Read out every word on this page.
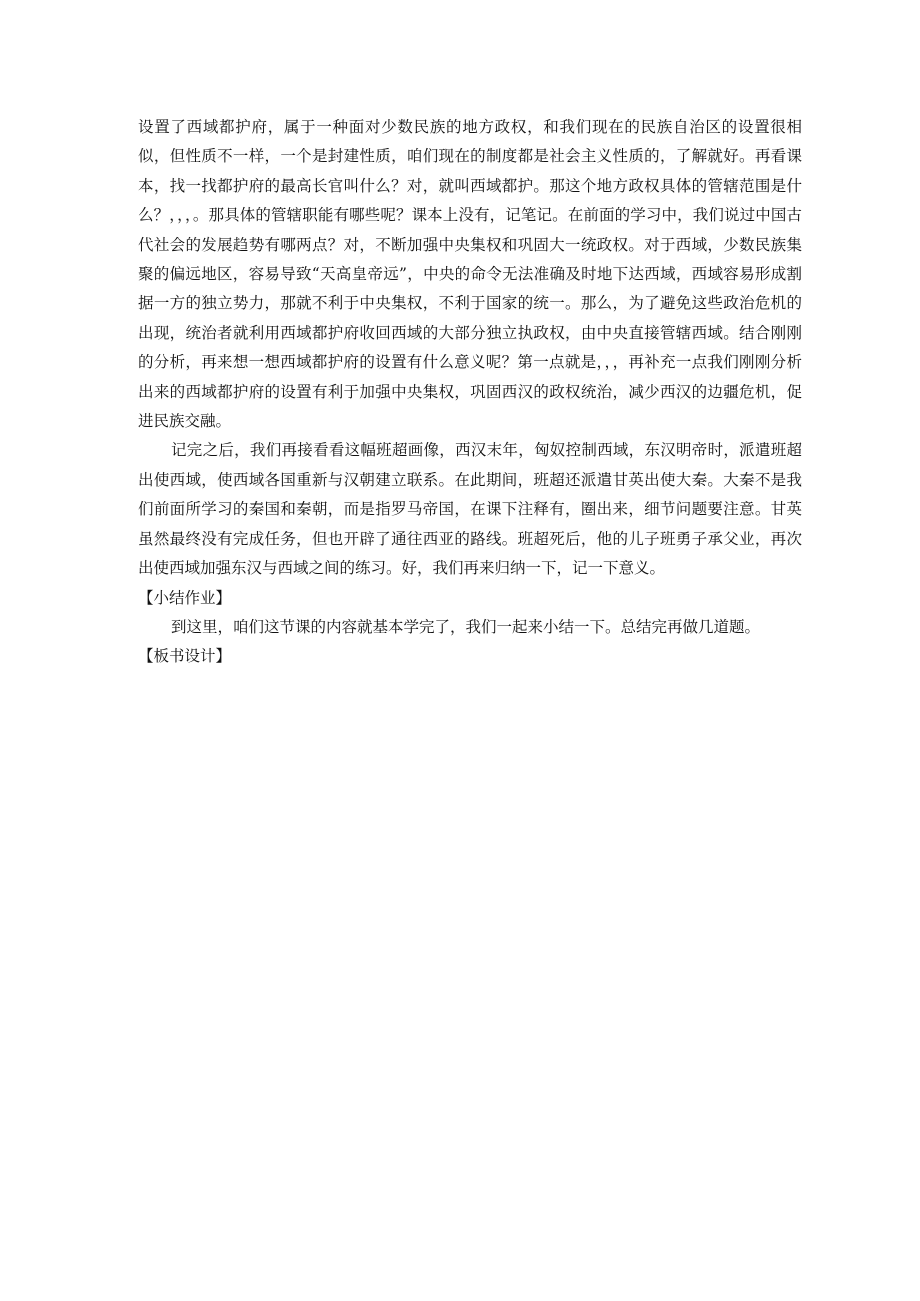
设置了西域都护府，属于一种面对少数民族的地方政权，和我们现在的民族自治区的设置很相似，但性质不一样，一个是封建性质，咱们现在的制度都是社会主义性质的，了解就好。再看课本，找一找都护府的最高长官叫什么？对，就叫西域都护。那这个地方政权具体的管辖范围是什么？，，，。那具体的管辖职能有哪些呢？课本上没有，记笔记。在前面的学习中，我们说过中国古代社会的发展趋势有哪两点？对，不断加强中央集权和巩固大一统政权。对于西域，少数民族集聚的偏远地区，容易导致“天高皇帝远”，中央的命令无法准确及时地下达西域，西域容易形成割据一方的独立势力，那就不利于中央集权，不利于国家的统一。那么，为了避免这些政治危机的出现，统治者就利用西域都护府收回西域的大部分独立执政权，由中央直接管辖西域。结合刚刚的分析，再来想一想西域都护府的设置有什么意义呢？第一点就是，，，再补充一点我们刚刚分析出来的西域都护府的设置有利于加强中央集权，巩固西汉的政权统治，减少西汉的边疆危机，促进民族交融。

记完之后，我们再接看看这幅班超画像，西汉末年，匈奴控制西域，东汉明帝时，派遣班超出使西域，使西域各国重新与汉朝建立联系。在此期间，班超还派遣甘英出使大秦。大秦不是我们前面所学习的秦国和秦朝，而是指罗马帝国，在课下注释有，圈出来，细节问题要注意。甘英虽然最终没有完成任务，但也开辟了通往西亚的路线。班超死后，他的儿子班勇子承父业，再次出使西域加强东汉与西域之间的练习。好，我们再来归纳一下，记一下意义。

【小结作业】

到这里，咱们这节课的内容就基本学完了，我们一起来小结一下。总结完再做几道题。

【板书设计】
